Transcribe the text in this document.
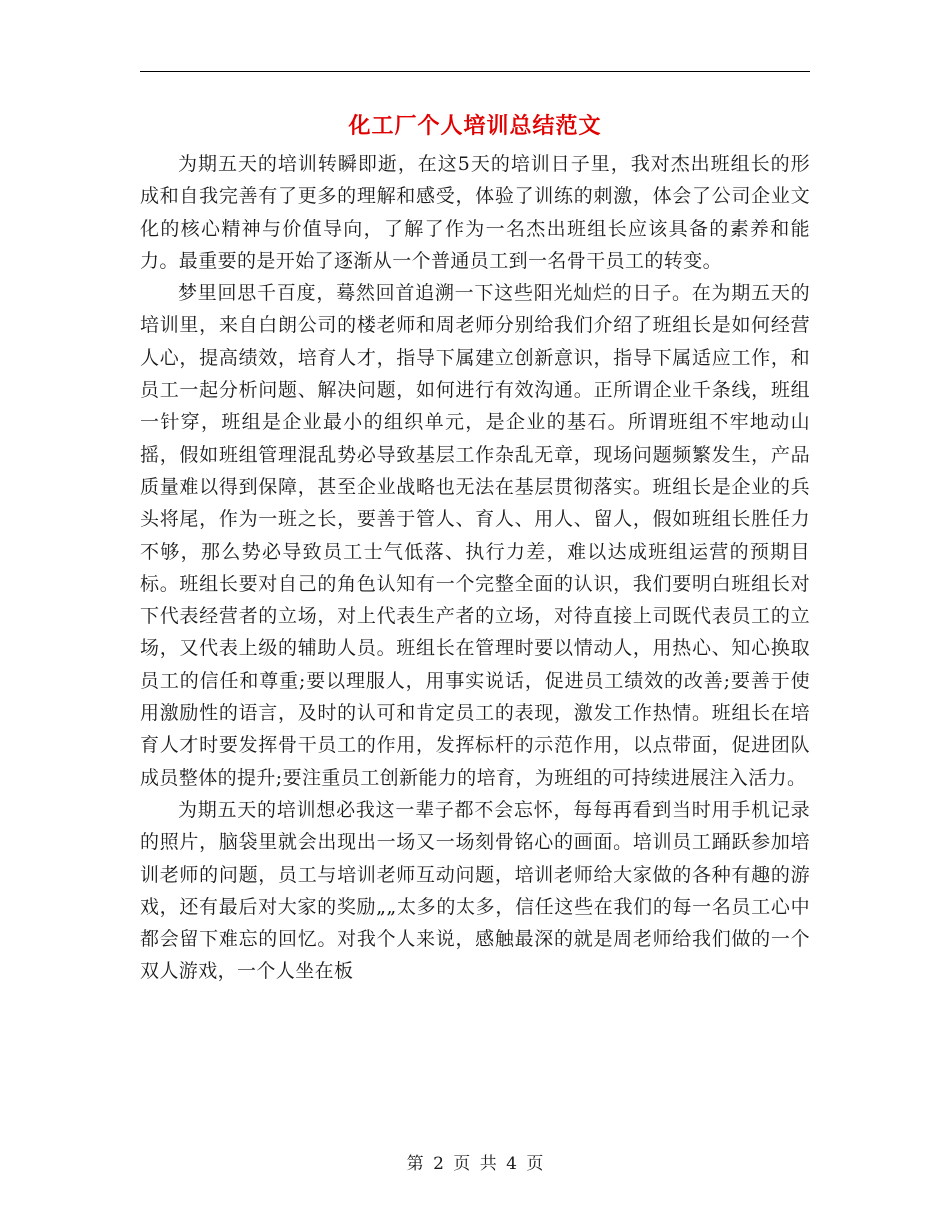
化工厂个人培训总结范文

为期五天的培训转瞬即逝，在这5天的培训日子里，我对杰出班组长的形成和自我完善有了更多的理解和感受，体验了训练的刺激，体会了公司企业文化的核心精神与价值导向，了解了作为一名杰出班组长应该具备的素养和能力。最重要的是开始了逐渐从一个普通员工到一名骨干员工的转变。

梦里回思千百度，蓦然回首追溯一下这些阳光灿烂的日子。在为期五天的培训里，来自白朗公司的楼老师和周老师分别给我们介绍了班组长是如何经营人心，提高绩效，培育人才，指导下属建立创新意识，指导下属适应工作，和员工一起分析问题、解决问题，如何进行有效沟通。正所谓企业千条线，班组一针穿，班组是企业最小的组织单元，是企业的基石。所谓班组不牢地动山摇，假如班组管理混乱势必导致基层工作杂乱无章，现场问题频繁发生，产品质量难以得到保障，甚至企业战略也无法在基层贯彻落实。班组长是企业的兵头将尾，作为一班之长，要善于管人、育人、用人、留人，假如班组长胜任力不够，那么势必导致员工士气低落、执行力差，难以达成班组运营的预期目标。班组长要对自己的角色认知有一个完整全面的认识，我们要明白班组长对下代表经营者的立场，对上代表生产者的立场，对待直接上司既代表员工的立场，又代表上级的辅助人员。班组长在管理时要以情动人，用热心、知心换取员工的信任和尊重;要以理服人，用事实说话，促进员工绩效的改善;要善于使用激励性的语言，及时的认可和肯定员工的表现，激发工作热情。班组长在培育人才时要发挥骨干员工的作用，发挥标杆的示范作用，以点带面，促进团队成员整体的提升;要注重员工创新能力的培育，为班组的可持续进展注入活力。

为期五天的培训想必我这一辈子都不会忘怀，每每再看到当时用手机记录的照片，脑袋里就会出现出一场又一场刻骨铭心的画面。培训员工踊跃参加培训老师的问题，员工与培训老师互动问题，培训老师给大家做的各种有趣的游戏，还有最后对大家的奖励„„太多的太多，信任这些在我们的每一名员工心中都会留下难忘的回忆。对我个人来说，感触最深的就是周老师给我们做的一个双人游戏，一个人坐在板

第 2 页 共 4 页
